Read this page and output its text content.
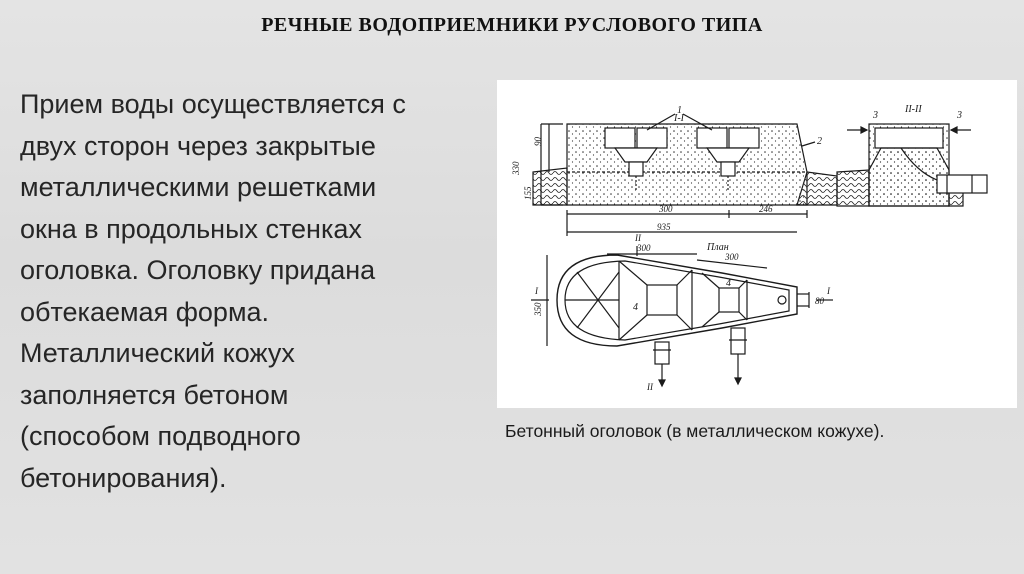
РЕЧНЫЕ ВОДОПРИЕМНИКИ РУСЛОВОГО ТИПА
Прием воды осуществляется с
двух сторон через закрытые
металлическими решетками
окна в продольных стенках
оголовка. Оголовку придана
обтекаемая форма.
Металлический кожух
заполняется бетоном
(способом подводного
бетонирования).
I-I
1
2
330
90
155
300	246
935
II-II
3	3
План
300
300
II
4
4
II
I	I
350
80
Бетонный оголовок (в металлическом кожухе).
